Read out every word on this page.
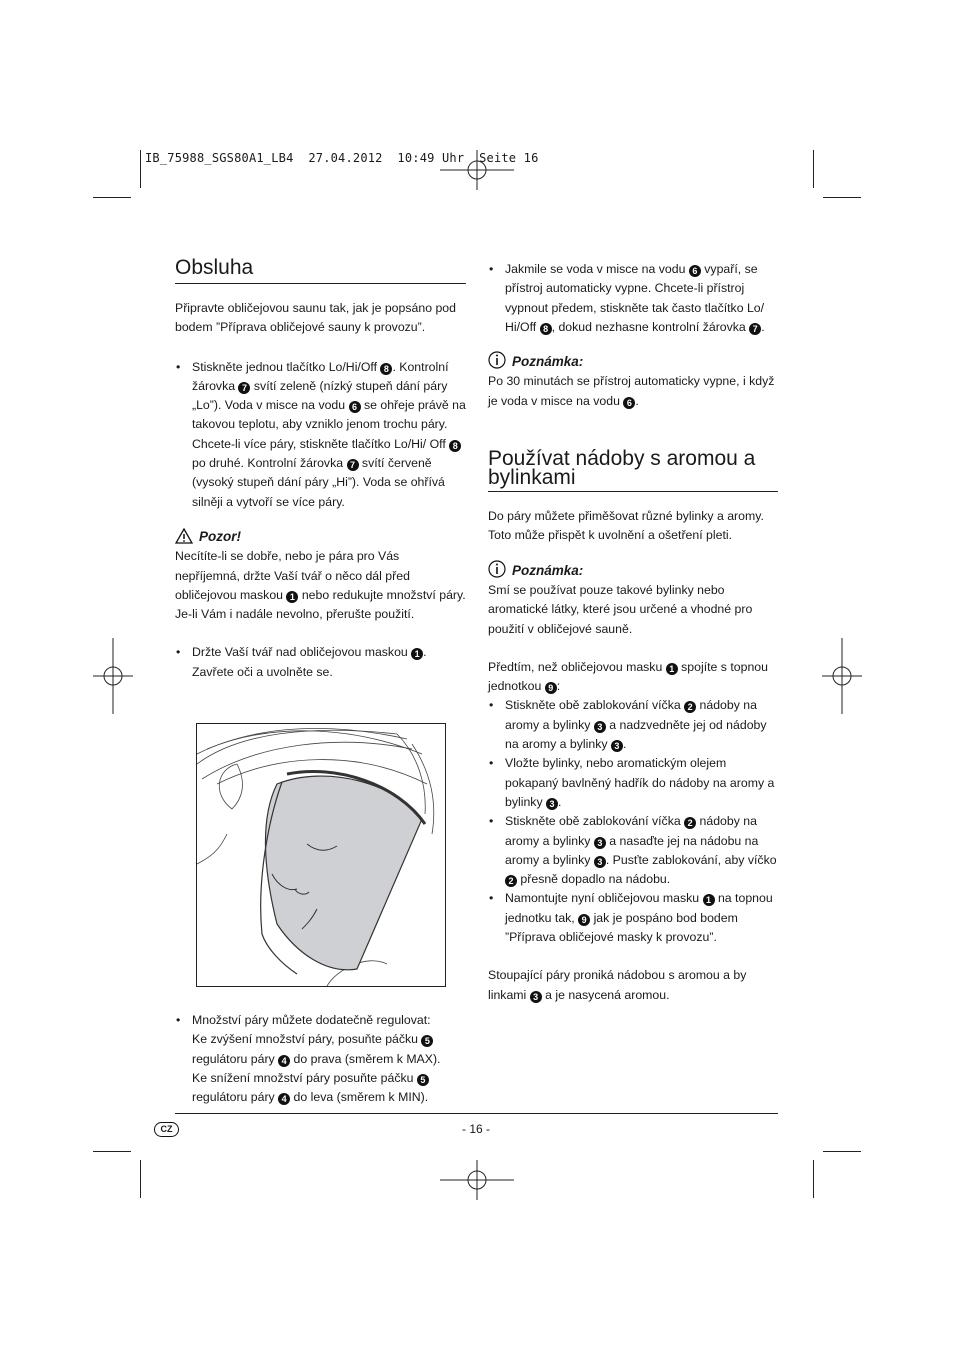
IB_75988_SGS80A1_LB4  27.04.2012  10:49 Uhr  Seite 16
Obsluha

Připravte obličejovou saunu tak, jak je popsáno pod bodem ”Příprava obličejové sauny k provozu”.

• Stiskněte jednou tlačítko Lo/Hi/Off 8 . Kontrolní žárovka 7 svítí zeleně (nízký stupeň dání páry „Lo”). Voda v misce na vodu 6 se ohřeje právě na takovou teplotu, aby vzniklo jenom trochu páry.
Chcete-li více páry, stiskněte tlačítko Lo/Hi/ Off 8 po druhé. Kontrolní žárovka 7 svítí červeně (vysoký stupeň dání páry „Hi”). Voda se ohřívá silněji a vytvoří se více páry.
Pozor!

Necítíte-li se dobře, nebo je pára pro Vás nepříjemná, držte Vaší tvář o něco dál před obličejovou maskou 1 nebo redukujte množství páry. Je-li Vám i nadále nevolno, přerušte použití.

• Držte Vaší tvář nad obličejovou maskou 1 . Zavřete oči a uvolněte se.
• Množství páry můžete dodatečně regulovat:
Ke zvýšení množství páry, posuňte páčku 5 regulátoru páry 4 do prava (směrem k MAX).
Ke snížení množství páry posuňte páčku 5 regulátoru páry 4 do leva (směrem k MIN).
• Jakmile se voda v misce na vodu 6 vypaří, se přístroj automaticky vypne. Chcete-li přístroj vypnout předem, stiskněte tak často tlačítko Lo/ Hi/Off 8 , dokud nezhasne kontrolní žárovka 7 .
Poznámka:

Po 30 minutách se přístroj automaticky vypne, i když je voda v misce na vodu 6 .

Používat nádoby s aromou a bylinkami

Do páry můžete přiměšovat různé bylinky a aromy. Toto může přispět k uvolnění a ošetření pleti.

Poznámka:

Smí se používat pouze takové bylinky nebo aromatické látky, které jsou určené a vhodné pro použití v obličejové sauně.

Předtím, než obličejovou masku 1 spojíte s topnou jednotkou 9 :

• Stiskněte obě zablokování víčka 2 nádoby na aromy a bylinky 3 a nadzvedněte jej od nádoby na aromy a bylinky 3 .
• Vložte bylinky, nebo aromatickým olejem pokapaný bavlněný hadřík do nádoby na aromy a bylinky 3 .
• Stiskněte obě zablokování víčka 2 nádoby na aromy a bylinky 3 a nasaďte jej na nádobu na aromy a bylinky 3 . Pusťte zablokování, aby víčko 2 přesně dopadlo na nádobu.
• Namontujte nyní obličejovou masku 1 na topnou jednotku tak, 9 jak je pospáno bod bodem ”Příprava obličejové masky k provozu”.

Stoupající páry proniká nádobou s aromou a by linkami 3 a je nasycená aromou.

CZ	- 16 -
